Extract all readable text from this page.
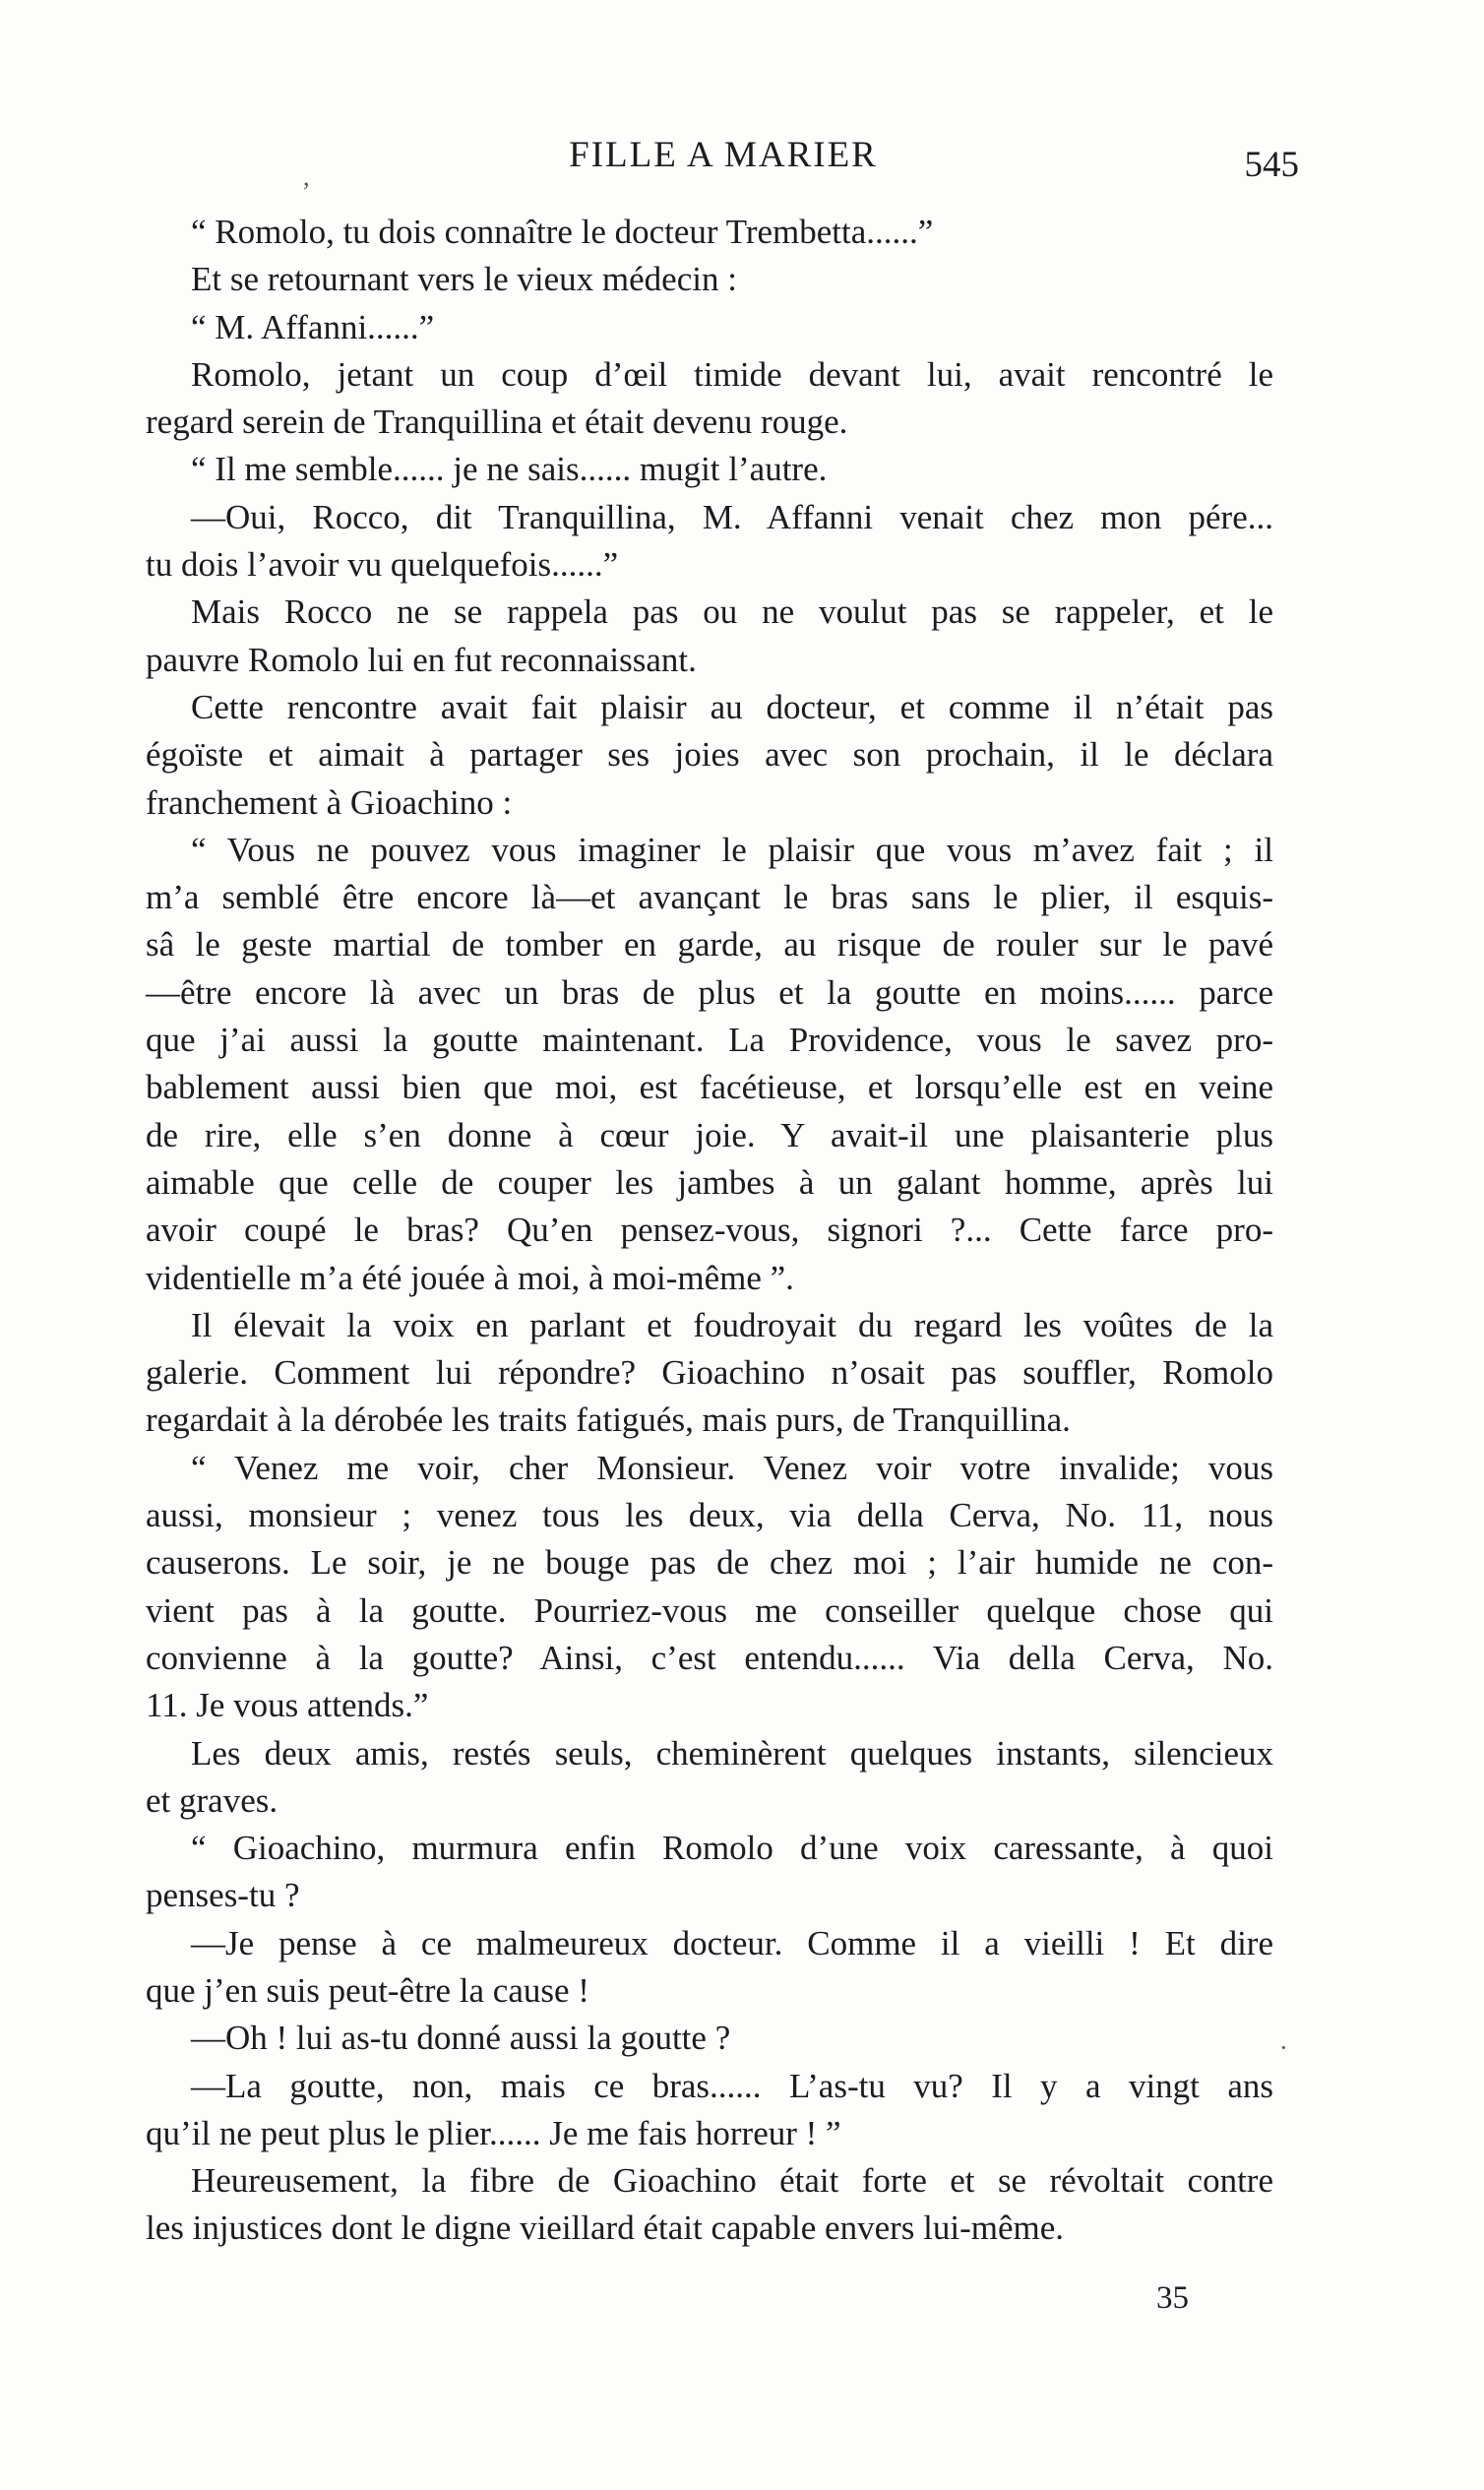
FILLE A MARIER	545
,
·
“ Romolo, tu dois connaître le docteur Trembetta......”
Et se retournant vers le vieux médecin :
“ M. Affanni......”
Romolo, jetant un coup d’œil timide devant lui, avait rencontré le
regard serein de Tranquillina et était devenu rouge.
“ Il me semble...... je ne sais...... mugit l’autre.
—Oui, Rocco, dit Tranquillina, M. Affanni venait chez mon pére...
tu dois l’avoir vu quelquefois......”
Mais Rocco ne se rappela pas ou ne voulut pas se rappeler, et le
pauvre Romolo lui en fut reconnaissant.
Cette rencontre avait fait plaisir au docteur, et comme il n’était pas
égoïste et aimait à partager ses joies avec son prochain, il le déclara
franchement à Gioachino :
“ Vous ne pouvez vous imaginer le plaisir que vous m’avez fait ; il
m’a semblé être encore là—et avançant le bras sans le plier, il esquis-
sâ le geste martial de tomber en garde, au risque de rouler sur le pavé
—être encore là avec un bras de plus et la goutte en moins...... parce
que j’ai aussi la goutte maintenant. La Providence, vous le savez pro-
bablement aussi bien que moi, est facétieuse, et lorsqu’elle est en veine
de rire, elle s’en donne à cœur joie. Y avait-il une plaisanterie plus
aimable que celle de couper les jambes à un galant homme, après lui
avoir coupé le bras? Qu’en pensez-vous, signori ?... Cette farce pro-
videntielle m’a été jouée à moi, à moi-même ”.
Il élevait la voix en parlant et foudroyait du regard les voûtes de la
galerie. Comment lui répondre? Gioachino n’osait pas souffler, Romolo
regardait à la dérobée les traits fatigués, mais purs, de Tranquillina.
“ Venez me voir, cher Monsieur. Venez voir votre invalide; vous
aussi, monsieur ; venez tous les deux, via della Cerva, No. 11, nous
causerons. Le soir, je ne bouge pas de chez moi ; l’air humide ne con-
vient pas à la goutte. Pourriez-vous me conseiller quelque chose qui
convienne à la goutte? Ainsi, c’est entendu...... Via della Cerva, No.
11. Je vous attends.”
Les deux amis, restés seuls, cheminèrent quelques instants, silencieux
et graves.
“ Gioachino, murmura enfin Romolo d’une voix caressante, à quoi
penses-tu ?
—Je pense à ce malmeureux docteur. Comme il a vieilli ! Et dire
que j’en suis peut-être la cause !
—Oh ! lui as-tu donné aussi la goutte ?
—La goutte, non, mais ce bras...... L’as-tu vu? Il y a vingt ans
qu’il ne peut plus le plier...... Je me fais horreur ! ”
Heureusement, la fibre de Gioachino était forte et se révoltait contre
les injustices dont le digne vieillard était capable envers lui-même.
35
